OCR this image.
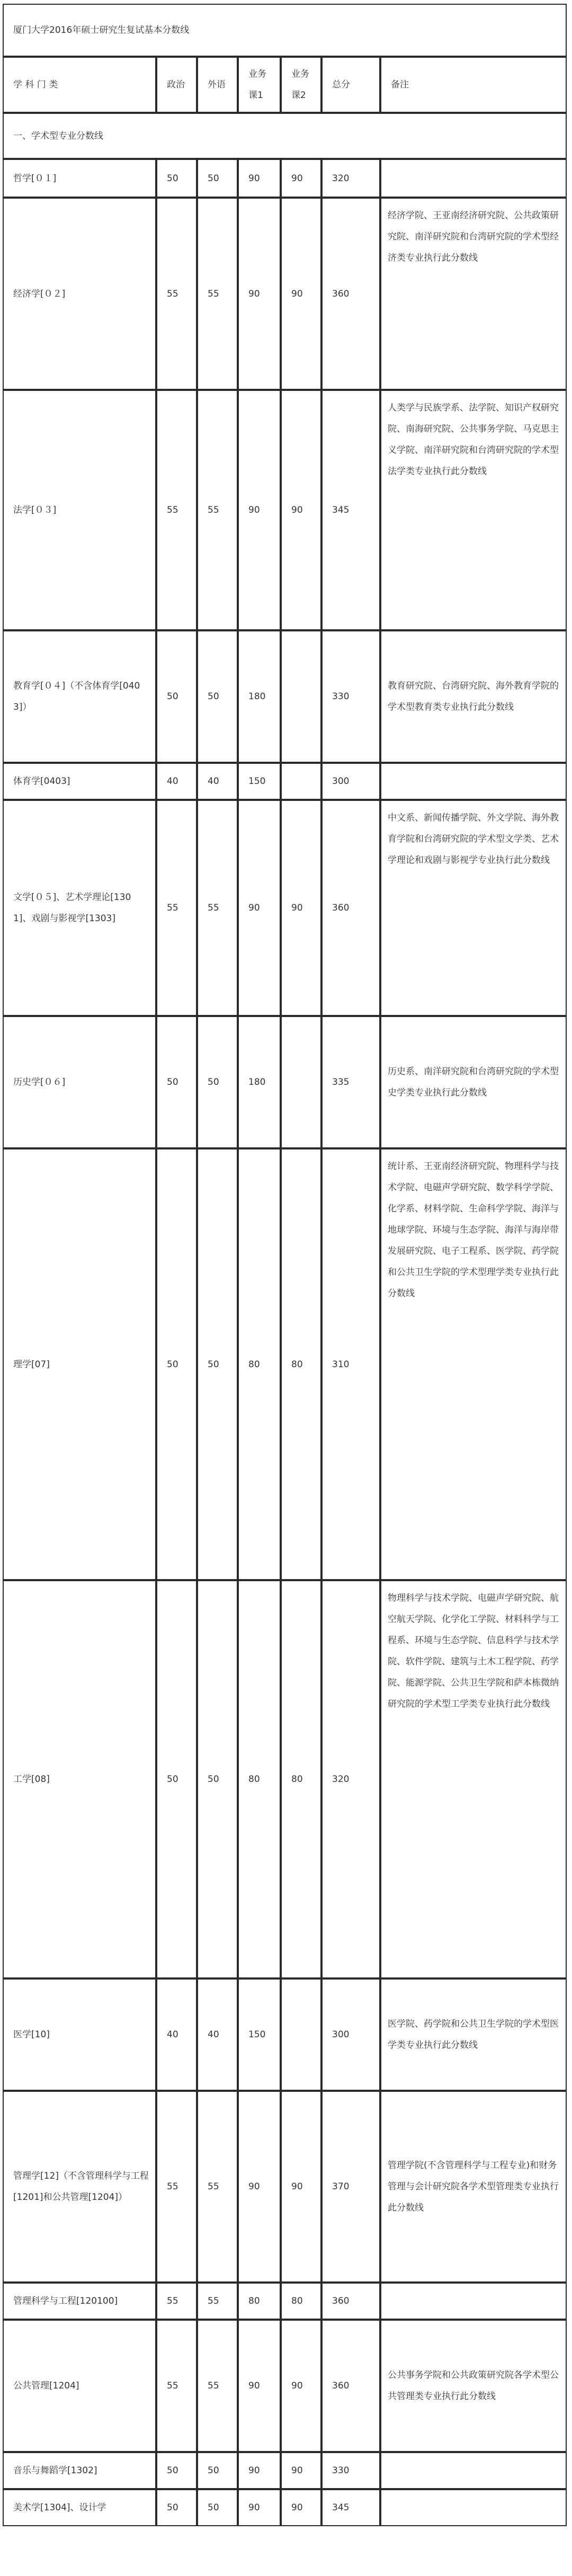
厦门大学2016年硕士研究生复试基本分数线						
学 科 门 类	政治	外语	业务课1	业务课2	总分	备注
一、学术型专业分数线						
哲学[０１]	50	50	90	90	320	
经济学[０２]	55	55	90	90	360	经济学院、王亚南经济研究院、公共政策研究院、南洋研究院和台湾研究院的学术型经济类专业执行此分数线
法学[０３]	55	55	90	90	345	人类学与民族学系、法学院、知识产权研究院、南海研究院、公共事务学院、马克思主义学院、南洋研究院和台湾研究院的学术型法学类专业执行此分数线
教育学[０４]（不含体育学[0403]）	50	50	180		330	教育研究院、台湾研究院、海外教育学院的学术型教育类专业执行此分数线
体育学[0403]	40	40	150		300	
文学[０５]、艺术学理论[1301]、戏剧与影视学[1303]	55	55	90	90	360	中文系、新闻传播学院、外文学院、海外教育学院和台湾研究院的学术型文学类、艺术学理论和戏剧与影视学专业执行此分数线
历史学[０６]	50	50	180		335	历史系、南洋研究院和台湾研究院的学术型史学类专业执行此分数线
理学[07]	50	50	80	80	310	统计系、王亚南经济研究院、物理科学与技术学院、电磁声学研究院、数学科学学院、化学系、材料学院、生命科学学院、海洋与地球学院、环境与生态学院、海洋与海岸带发展研究院、电子工程系、医学院、药学院和公共卫生学院的学术型理学类专业执行此分数线
工学[08]	50	50	80	80	320	物理科学与技术学院、电磁声学研究院、航空航天学院、化学化工学院、材料科学与工程系、环境与生态学院、信息科学与技术学院、软件学院、建筑与土木工程学院、药学院、能源学院、公共卫生学院和萨本栋微纳研究院的学术型工学类专业执行此分数线
医学[10]	40	40	150		300	医学院、药学院和公共卫生学院的学术型医学类专业执行此分数线
管理学[12]（不含管理科学与工程[1201]和公共管理[1204]）	55	55	90	90	370	管理学院(不含管理科学与工程专业)和财务管理与会计研究院各学术型管理类专业执行此分数线
管理科学与工程[120100]	55	55	80	80	360	
公共管理[1204]	55	55	90	90	360	公共事务学院和公共政策研究院各学术型公共管理类专业执行此分数线
音乐与舞蹈学[1302]	50	50	90	90	330	
美术学[1304]、设计学	50	50	90	90	345	
